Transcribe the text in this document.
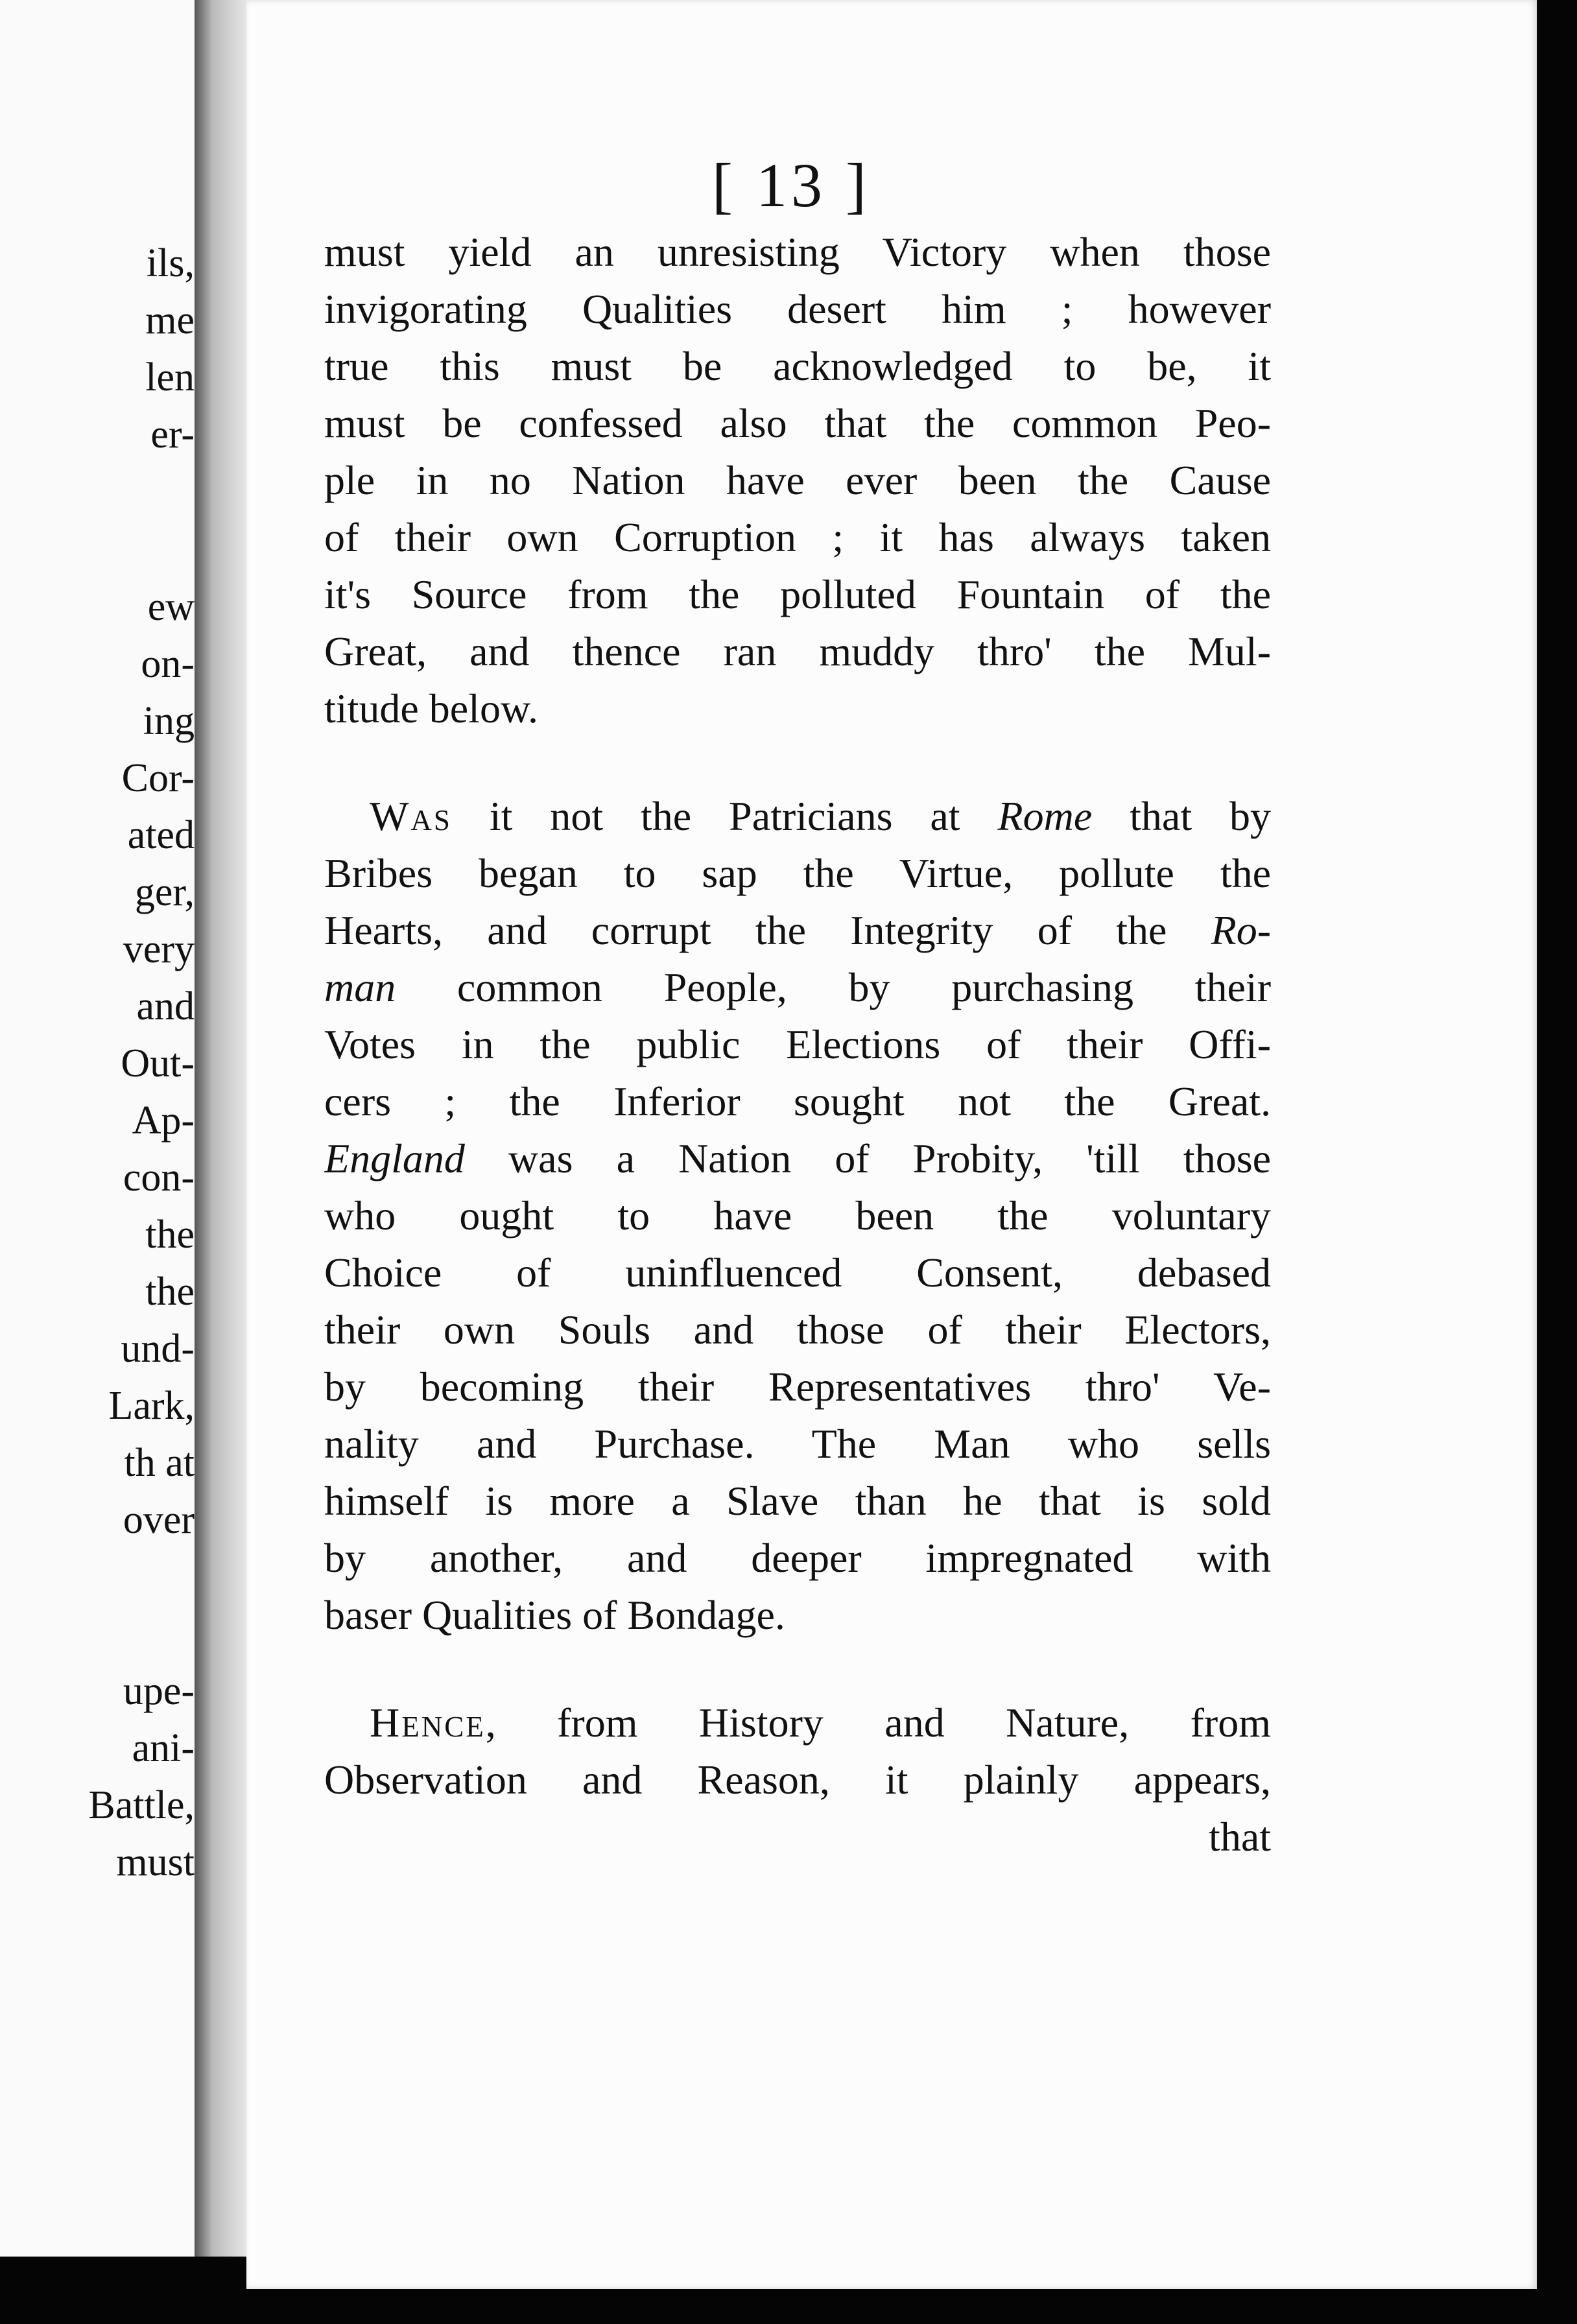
ils,
me
len
er-
ew
on-
ing
Cor-
ated
ger,
very
and
Out-
Ap-
con-
the
the
und-
Lark,
th at
over
upe-
ani-
Battle,
must
[ 13 ]
must yield an unresisting Victory when those
invigorating Qualities desert him ; however
true this must be acknowledged to be, it
must be confessed also that the common Peo-
ple in no Nation have ever been the Cause
of their own Corruption ; it has always taken
it's Source from the polluted Fountain of the
Great, and thence ran muddy thro' the Mul-
titude below.
Was it not the Patricians at Rome that by
Bribes began to sap the Virtue, pollute the
Hearts, and corrupt the Integrity of the Ro-
man common People, by purchasing their
Votes in the public Elections of their Offi-
cers ; the Inferior sought not the Great.
England was a Nation of Probity, 'till those
who ought to have been the voluntary
Choice of uninfluenced Consent, debased
their own Souls and those of their Electors,
by becoming their Representatives thro' Ve-
nality and Purchase. The Man who sells
himself is more a Slave than he that is sold
by another, and deeper impregnated with
baser Qualities of Bondage.
Hence, from History and Nature, from
Observation and Reason, it plainly appears,
that
